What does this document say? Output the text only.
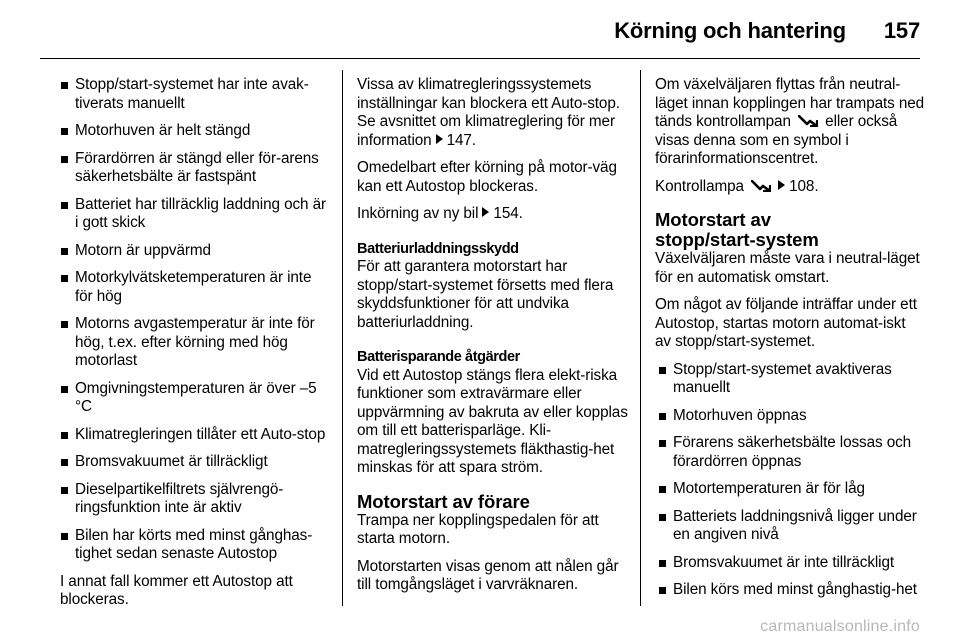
Körning och hantering 157
Stopp/start-systemet har inte avak-tiverats manuellt
Motorhuven är helt stängd
Förardörren är stängd eller för-arens säkerhetsbälte är fastspänt
Batteriet har tillräcklig laddning och är i gott skick
Motorn är uppvärmd
Motorkylvätsketemperaturen är inte för hög
Motorns avgastemperatur är inte för hög, t.ex. efter körning med hög motorlast
Omgivningstemperaturen är över –5 °C
Klimatregleringen tillåter ett Auto-stop
Bromsvakuumet är tillräckligt
Dieselpartikelfiltrets självrengö-ringsfunktion inte är aktiv
Bilen har körts med minst gånghas-tighet sedan senaste Autostop

I annat fall kommer ett Autostop att blockeras.

Vissa av klimatregleringssystemets inställningar kan blockera ett Auto-stop. Se avsnittet om klimatreglering för mer information 147.

Omedelbart efter körning på motor-väg kan ett Autostop blockeras.

Inkörning av ny bil 154.

Batteriurladdningsskydd
För att garantera motorstart har stopp/start-systemet försetts med flera skyddsfunktioner för att undvika batteriurladdning.

Batterisparande åtgärder
Vid ett Autostop stängs flera elekt-riska funktioner som extravärmare eller uppvärmning av bakruta av eller kopplas om till ett batterisparläge. Kli-matregleringssystemets fläkthastig-het minskas för att spara ström.

Motorstart av förare

Trampa ner kopplingspedalen för att starta motorn.

Motorstarten visas genom att nålen går till tomgångsläget i varvräknaren.

Om växelväljaren flyttas från neutral-läget innan kopplingen har trampats ned tänds kontrollampan eller också visas denna som en symbol i förarinformationscentret.

Kontrollampa	108.

Motorstart av
stopp/start-system

Växelväljaren måste vara i neutral-läget för en automatisk omstart.

Om något av följande inträffar under ett Autostop, startas motorn automat-iskt av stopp/start-systemet.

Stopp/start-systemet avaktiveras manuellt
Motorhuven öppnas
Förarens säkerhetsbälte lossas och förardörren öppnas
Motortemperaturen är för låg
Batteriets laddningsnivå ligger under en angiven nivå
Bromsvakuumet är inte tillräckligt
Bilen körs med minst gånghastig-het
carmanualsonline.info
